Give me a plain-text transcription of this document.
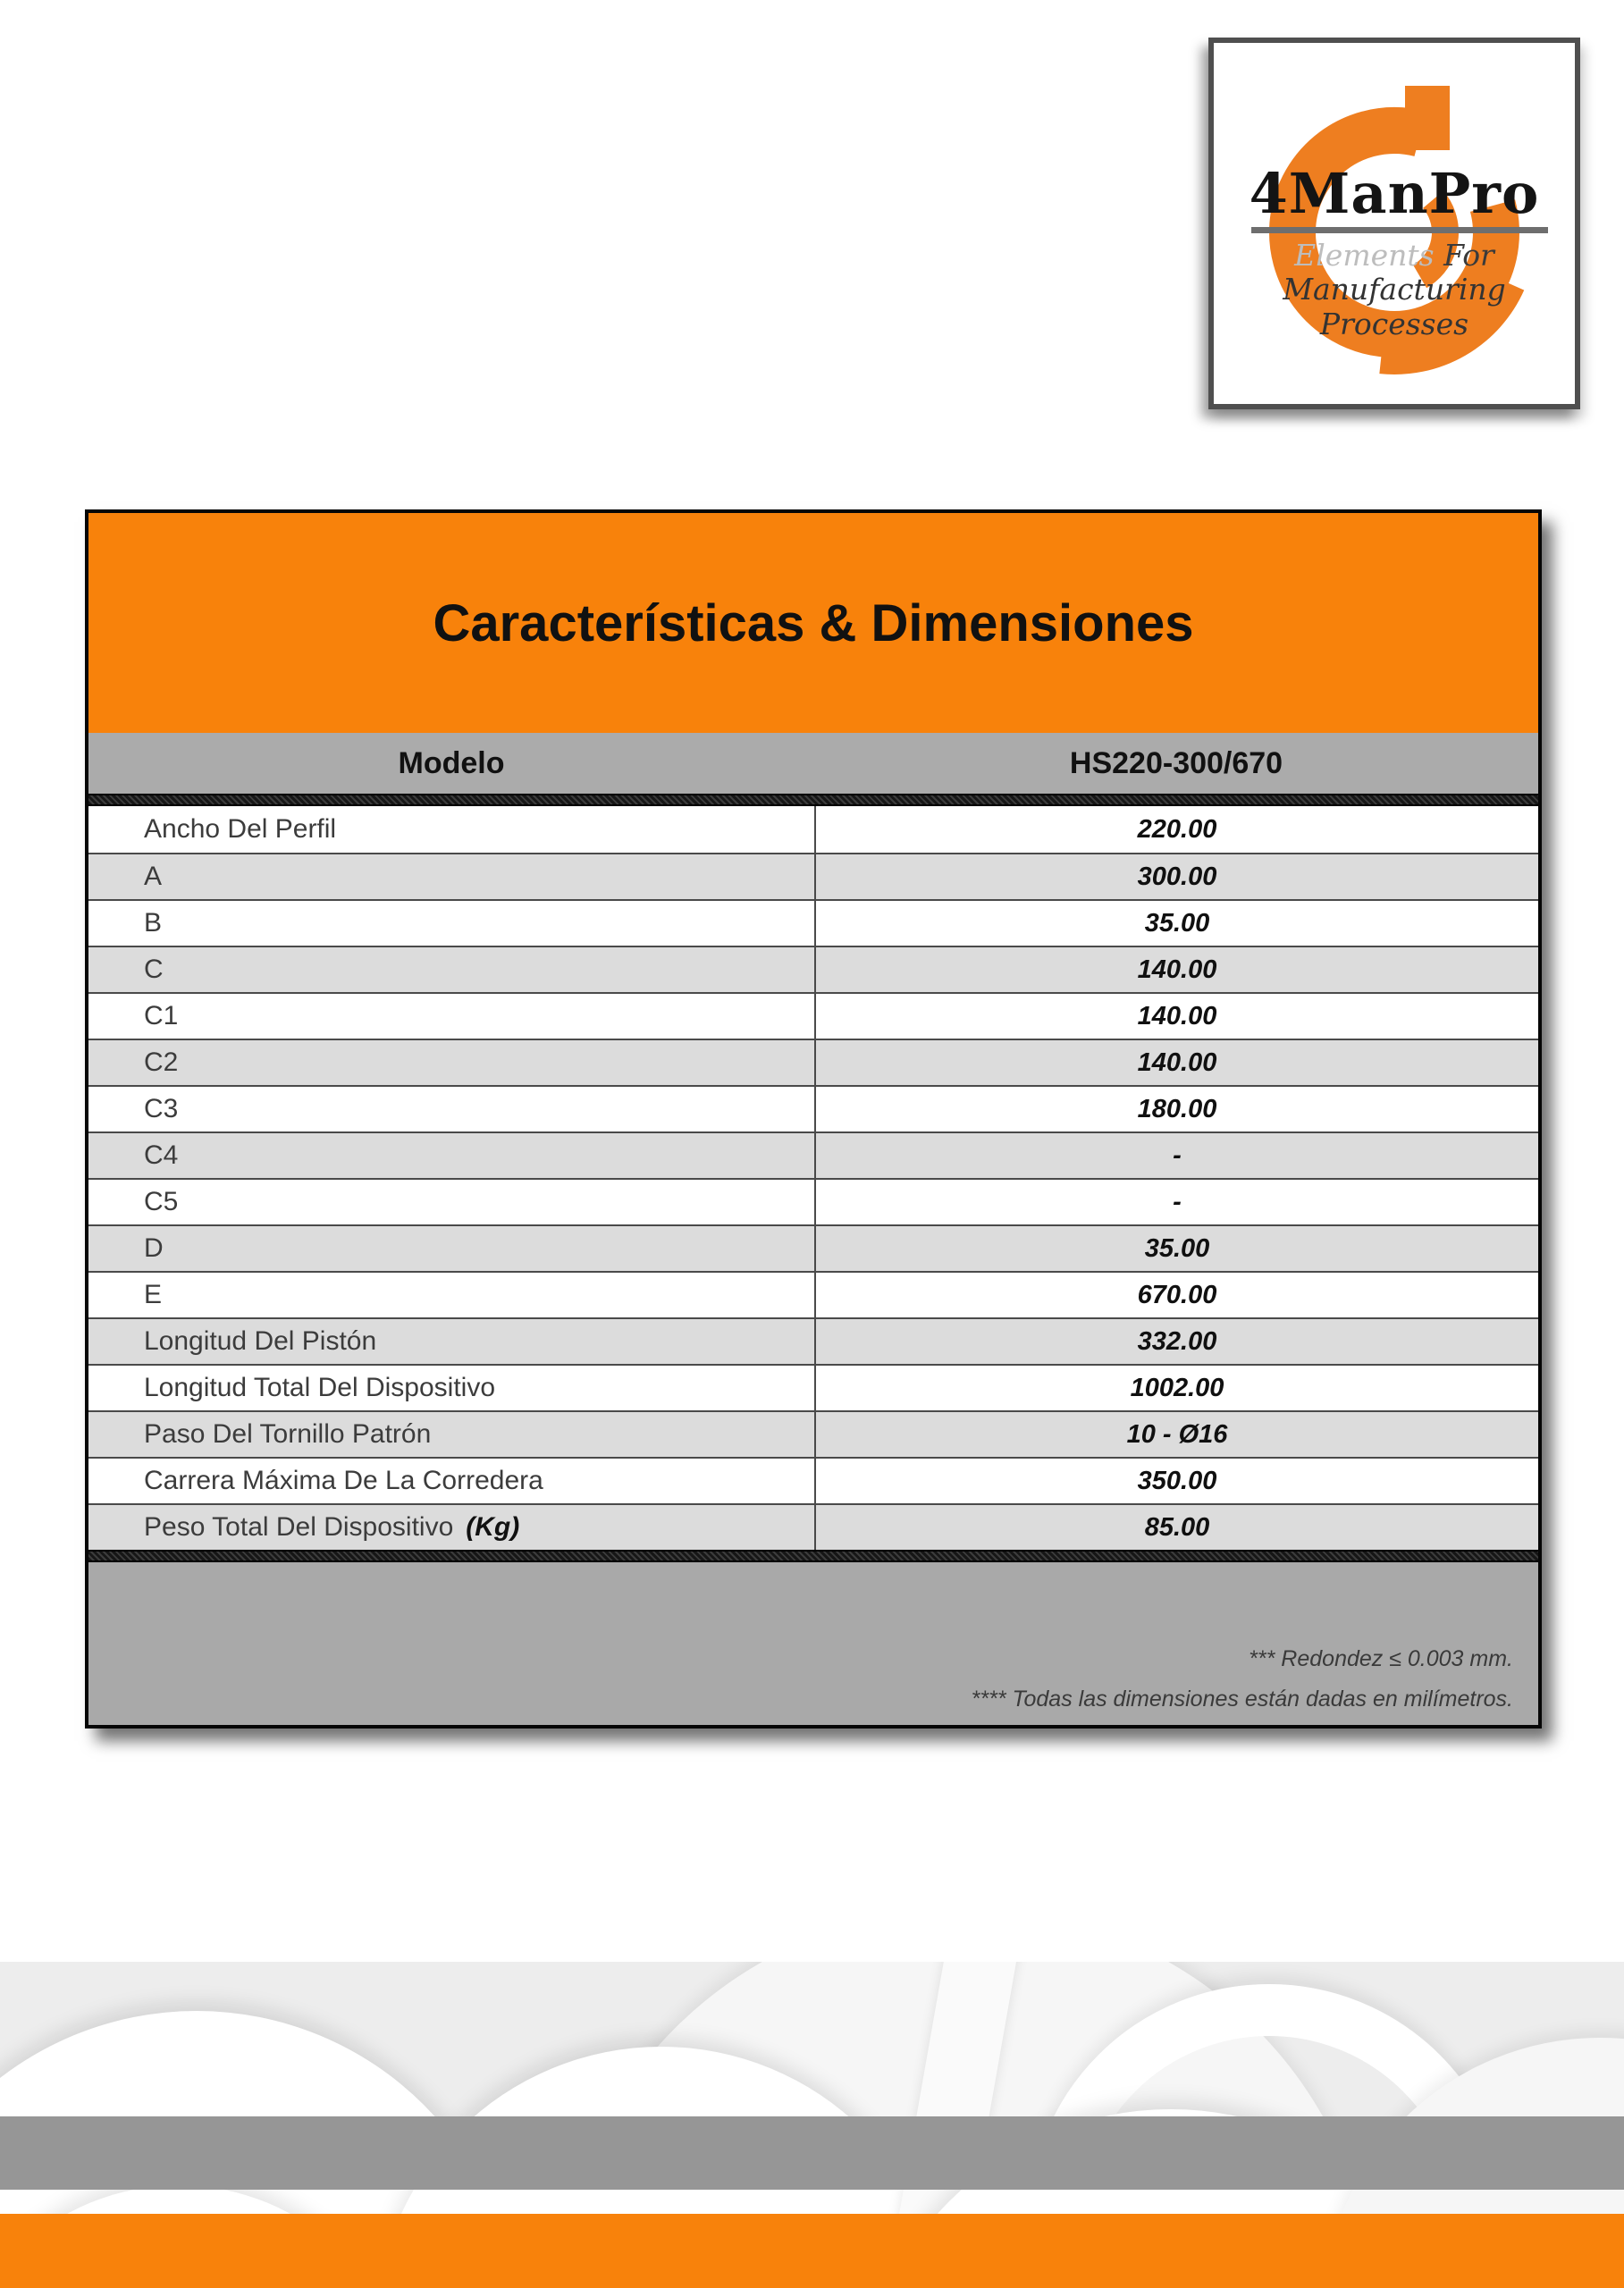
4ManPro
Elements For
Manufacturing Processes
Características & Dimensiones
Modelo	HS220-300/670
Ancho Del Perfil	220.00
A	300.00
B	35.00
C	140.00
C1	140.00
C2	140.00
C3	180.00
C4	-
C5	-
D	35.00
E	670.00
Longitud Del Pistón	332.00
Longitud Total Del Dispositivo	1002.00
Paso Del Tornillo Patrón	10 - Ø16
Carrera Máxima De La Corredera	350.00
Peso Total Del Dispositivo (Kg)	85.00
*** Redondez ≤ 0.003 mm.
**** Todas las dimensiones están dadas en milímetros.
